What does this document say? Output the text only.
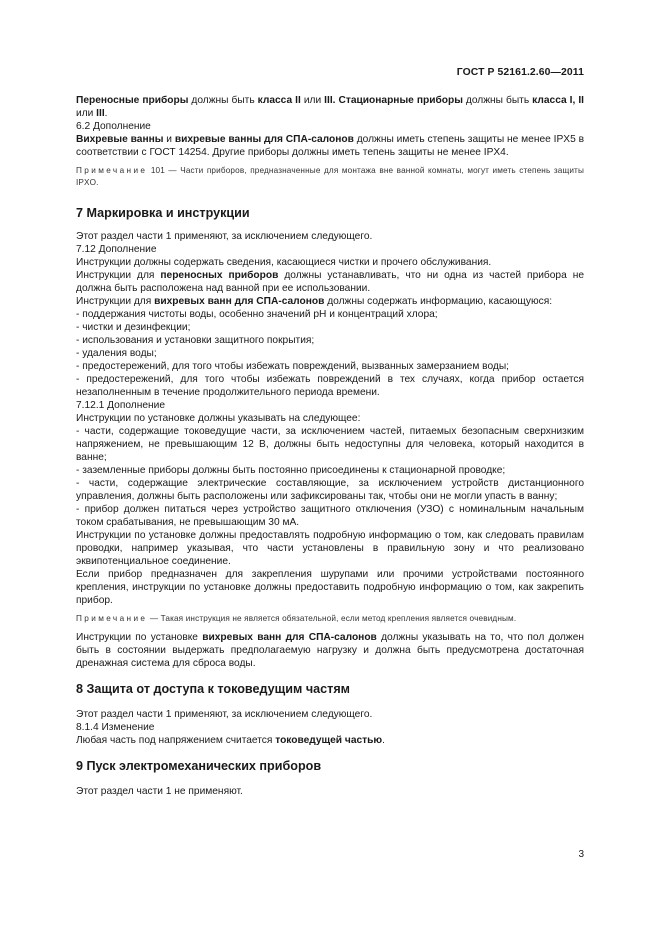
ГОСТ Р 52161.2.60—2011

Переносные приборы должны быть класса II или III. Стационарные приборы должны быть класса I, II или III.

6.2 Дополнение

Вихревые ванны и вихревые ванны для СПА-салонов должны иметь степень защиты не менее IPX5 в соответствии с ГОСТ 14254. Другие приборы должны иметь тепень защиты не менее IPX4.

Примечание 101 — Части приборов, предназначенные для монтажа вне ванной комнаты, могут иметь степень защиты IPXO.

7 Маркировка и инструкции

Этот раздел части 1 применяют, за исключением следующего.

7.12 Дополнение

Инструкции должны содержать сведения, касающиеся чистки и прочего обслуживания.

Инструкции для переносных приборов должны устанавливать, что ни одна из частей прибора не должна быть расположена над ванной при ее использовании.

Инструкции для вихревых ванн для СПА-салонов должны содержать информацию, касающуюся:

- поддержания чистоты воды, особенно значений pH и концентраций хлора;

- чистки и дезинфекции;

- использования и установки защитного покрытия;

- удаления воды;

- предостережений, для того чтобы избежать повреждений, вызванных замерзанием воды;

- предостережений, для того чтобы избежать повреждений в тех случаях, когда прибор остается незаполненным в течение продолжительного периода времени.

7.12.1 Дополнение

Инструкции по установке должны указывать на следующее:

- части, содержащие токоведущие части, за исключением частей, питаемых безопасным сверхнизким напряжением, не превышающим 12 В, должны быть недоступны для человека, который находится в ванне;

- заземленные приборы должны быть постоянно присоединены к стационарной проводке;

- части, содержащие электрические составляющие, за исключением устройств дистанционного управления, должны быть расположены или зафиксированы так, чтобы они не могли упасть в ванну;

- прибор должен питаться через устройство защитного отключения (УЗО) с номинальным начальным током срабатывания, не превышающим 30 мА.

Инструкции по установке должны предоставлять подробную информацию о том, как следовать правилам проводки, например указывая, что части установлены в правильную зону и что реализовано эквипотенциальное соединение.

Если прибор предназначен для закрепления шурупами или прочими устройствами постоянного крепления, инструкции по установке должны предоставить подробную информацию о том, как закрепить прибор.

Примечание — Такая инструкция не является обязательной, если метод крепления является очевидным.

Инструкции по установке вихревых ванн для СПА-салонов должны указывать на то, что пол должен быть в состоянии выдержать предполагаемую нагрузку и должна быть предусмотрена достаточная дренажная система для сброса воды.

8 Защита от доступа к токоведущим частям

Этот раздел части 1 применяют, за исключением следующего.

8.1.4 Изменение

Любая часть под напряжением считается токоведущей частью.

9 Пуск электромеханических приборов

Этот раздел части 1 не применяют.

3
